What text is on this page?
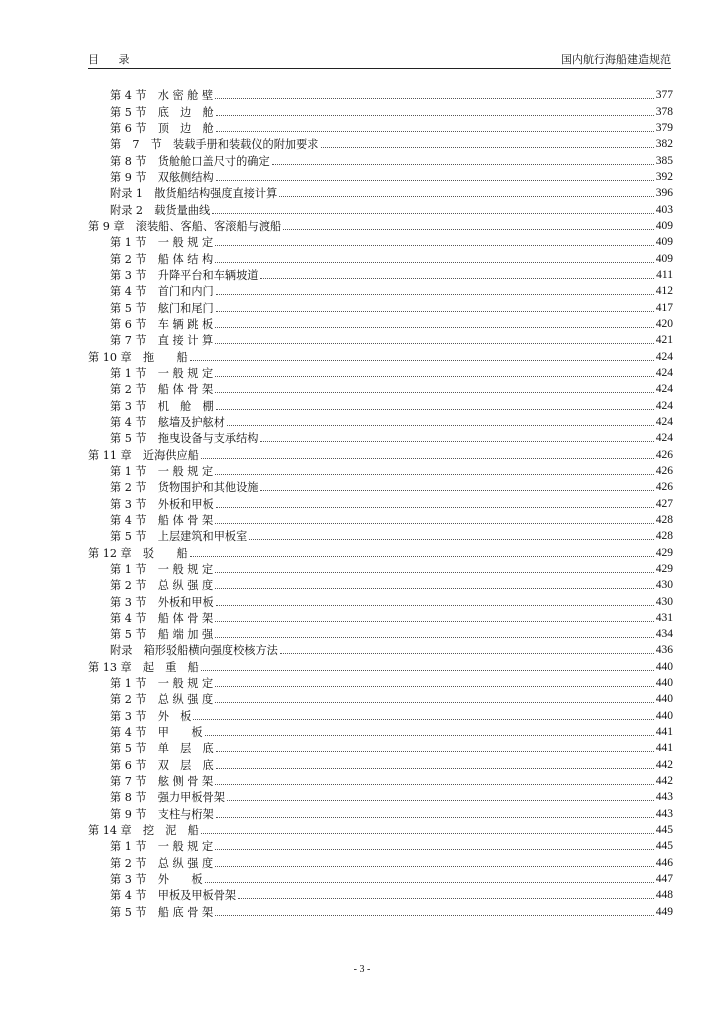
目 录	国内航行海船建造规范
第 4 节　水 密 舱 壁	377
第 5 节　底　边　舱	378
第 6 节　顶　边　舱	379
第　7　节　装载手册和装载仪的附加要求	382
第 8 节　货舱舱口盖尺寸的确定	385
第 9 节　双舷侧结构	392
附录 1　散货船结构强度直接计算	396
附录 2　载货量曲线	403
第 9 章　滚装船、客船、客滚船与渡船	409
第 1 节　一 般 规 定	409
第 2 节　船 体 结 构	409
第 3 节　升降平台和车辆坡道	411
第 4 节　首门和内门	412
第 5 节　舷门和尾门	417
第 6 节　车 辆 跳 板	420
第 7 节　直 接 计 算	421
第 10 章　拖　　船	424
第 1 节　一 般 规 定	424
第 2 节　船 体 骨 架	424
第 3 节　机　舱　棚	424
第 4 节　舷墙及护舷材	424
第 5 节　拖曳设备与支承结构	424
第 11 章　近海供应船	426
第 1 节　一 般 规 定	426
第 2 节　货物围护和其他设施	426
第 3 节　外板和甲板	427
第 4 节　船 体 骨 架	428
第 5 节　上层建筑和甲板室	428
第 12 章　驳　　船	429
第 1 节　一 般 规 定	429
第 2 节　总 纵 强 度	430
第 3 节　外板和甲板	430
第 4 节　船 体 骨 架	431
第 5 节　船 端 加 强	434
附录　箱形驳船横向强度校核方法	436
第 13 章　起　重　船	440
第 1 节　一 般 规 定	440
第 2 节　总 纵 强 度	440
第 3 节　外　板	440
第 4 节　甲　　板	441
第 5 节　单　层　底	441
第 6 节　双　层　底	442
第 7 节　舷 侧 骨 架	442
第 8 节　强力甲板骨架	443
第 9 节　支柱与桁架	443
第 14 章　挖　泥　船	445
第 1 节　一 般 规 定	445
第 2 节　总 纵 强 度	446
第 3 节　外　　板	447
第 4 节　甲板及甲板骨架	448
第 5 节　船 底 骨 架	449
- 3 -
